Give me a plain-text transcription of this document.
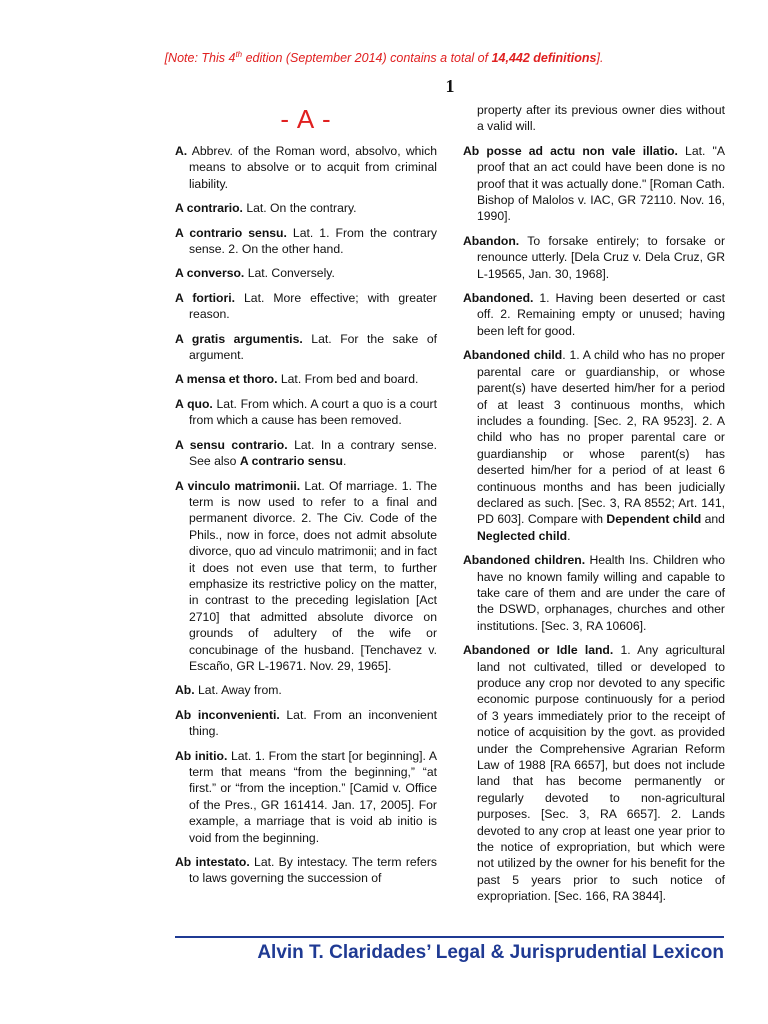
[Note: This 4th edition (September 2014) contains a total of 14,442 definitions].
1
- A -

A. Abbrev. of the Roman word, absolvo, which means to absolve or to acquit from criminal liability.

A contrario. Lat. On the contrary.

A contrario sensu. Lat. 1. From the contrary sense. 2. On the other hand.

A converso. Lat. Conversely.

A fortiori. Lat. More effective; with greater reason.

A gratis argumentis. Lat. For the sake of argument.

A mensa et thoro. Lat. From bed and board.

A quo. Lat. From which. A court a quo is a court from which a cause has been removed.

A sensu contrario. Lat. In a contrary sense. See also A contrario sensu.

A vinculo matrimonii. Lat. Of marriage. 1. The term is now used to refer to a final and permanent divorce. 2. The Civ. Code of the Phils., now in force, does not admit absolute divorce, quo ad vinculo matrimonii; and in fact it does not even use that term, to further emphasize its restrictive policy on the matter, in contrast to the preceding legislation [Act 2710] that admitted absolute divorce on grounds of adultery of the wife or concubinage of the husband. [Tenchavez v. Escaño, GR L-19671. Nov. 29, 1965].

Ab. Lat. Away from.

Ab inconvenienti. Lat. From an inconvenient thing.

Ab initio. Lat. 1. From the start [or beginning]. A term that means “from the beginning,” “at first.” or “from the inception.” [Camid v. Office of the Pres., GR 161414. Jan. 17, 2005]. For example, a marriage that is void ab initio is void from the beginning.

Ab intestato. Lat. By intestacy. The term refers to laws governing the succession of

property after its previous owner dies without a valid will.

Ab posse ad actu non vale illatio. Lat. "A proof that an act could have been done is no proof that it was actually done." [Roman Cath. Bishop of Malolos v. IAC, GR 72110. Nov. 16, 1990].

Abandon. To forsake entirely; to forsake or renounce utterly. [Dela Cruz v. Dela Cruz, GR L-19565, Jan. 30, 1968].

Abandoned. 1. Having been deserted or cast off. 2. Remaining empty or unused; having been left for good.

Abandoned child. 1. A child who has no proper parental care or guardianship, or whose parent(s) have deserted him/her for a period of at least 3 continuous months, which includes a founding. [Sec. 2, RA 9523]. 2. A child who has no proper parental care or guardianship or whose parent(s) has deserted him/her for a period of at least 6 continuous months and has been judicially declared as such. [Sec. 3, RA 8552; Art. 141, PD 603]. Compare with Dependent child and Neglected child.

Abandoned children. Health Ins. Children who have no known family willing and capable to take care of them and are under the care of the DSWD, orphanages, churches and other institutions. [Sec. 3, RA 10606].

Abandoned or Idle land. 1. Any agricultural land not cultivated, tilled or developed to produce any crop nor devoted to any specific economic purpose continuously for a period of 3 years immediately prior to the receipt of notice of acquisition by the govt. as provided under the Comprehensive Agrarian Reform Law of 1988 [RA 6657], but does not include land that has become permanently or regularly devoted to non-agricultural purposes. [Sec. 3, RA 6657]. 2. Lands devoted to any crop at least one year prior to the notice of expropriation, but which were not utilized by the owner for his benefit for the past 5 years prior to such notice of expropriation. [Sec. 166, RA 3844].

Alvin T. Claridades’ Legal & Jurisprudential Lexicon
